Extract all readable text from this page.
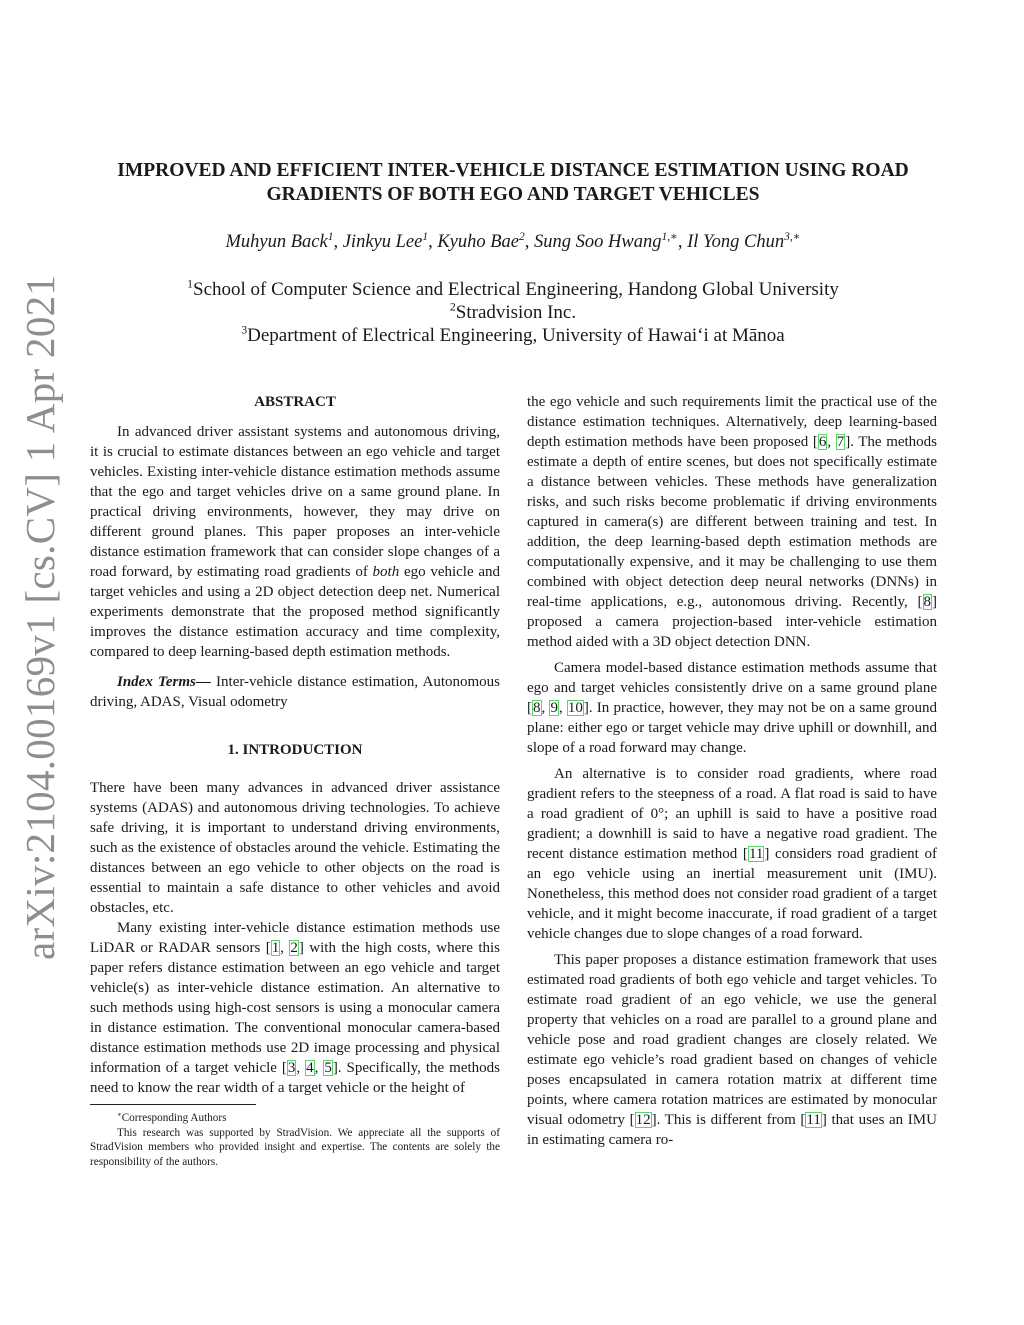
arXiv:2104.00169v1 [cs.CV] 1 Apr 2021
IMPROVED AND EFFICIENT INTER-VEHICLE DISTANCE ESTIMATION USING ROAD
GRADIENTS OF BOTH EGO AND TARGET VEHICLES
Muhyun Back$^1$, Jinkyu Lee$^1$, Kyuho Bae$^2$, Sung Soo Hwang$^{1,∗}$, Il Yong Chun$^{3,∗}$
$^1$School of Computer Science and Electrical Engineering, Handong Global University
$^2$Stradvision Inc.
$^3$Department of Electrical Engineering, University of Hawai‘i at Mānoa
ABSTRACT

In advanced driver assistant systems and autonomous driving, it is crucial to estimate distances between an ego vehicle and target vehicles. Existing inter-vehicle distance estimation methods assume that the ego and target vehicles drive on a same ground plane. In practical driving environments, however, they may drive on different ground planes. This paper proposes an inter-vehicle distance estimation framework that can consider slope changes of a road forward, by estimating road gradients of both ego vehicle and target vehicles and using a 2D object detection deep net. Numerical experiments demonstrate that the proposed method significantly improves the distance estimation accuracy and time complexity, compared to deep learning-based depth estimation methods.

Index Terms— Inter-vehicle distance estimation, Autonomous driving, ADAS, Visual odometry

1. INTRODUCTION

There have been many advances in advanced driver assistance systems (ADAS) and autonomous driving technologies. To achieve safe driving, it is important to understand driving environments, such as the existence of obstacles around the vehicle. Estimating the distances between an ego vehicle to other objects on the road is essential to maintain a safe distance to other vehicles and avoid obstacles, etc.

Many existing inter-vehicle distance estimation methods use LiDAR or RADAR sensors [1, 2] with the high costs, where this paper refers distance estimation between an ego vehicle and target vehicle(s) as inter-vehicle distance estimation. An alternative to such methods using high-cost sensors is using a monocular camera in distance estimation. The conventional monocular camera-based distance estimation methods use 2D image processing and physical information of a target vehicle [3, 4, 5]. Specifically, the methods need to know the rear width of a target vehicle or the height of

∗Corresponding Authors
This research was supported by StradVision. We appreciate all the supports of StradVision members who provided insight and expertise. The contents are solely the responsibility of the authors.

the ego vehicle and such requirements limit the practical use of the distance estimation techniques. Alternatively, deep learning-based depth estimation methods have been proposed [6, 7]. The methods estimate a depth of entire scenes, but does not specifically estimate a distance between vehicles. These methods have generalization risks, and such risks become problematic if driving environments captured in camera(s) are different between training and test. In addition, the deep learning-based depth estimation methods are computationally expensive, and it may be challenging to use them combined with object detection deep neural networks (DNNs) in real-time applications, e.g., autonomous driving. Recently, [8] proposed a camera projection-based inter-vehicle estimation method aided with a 3D object detection DNN.

Camera model-based distance estimation methods assume that ego and target vehicles consistently drive on a same ground plane [8, 9, 10]. In practice, however, they may not be on a same ground plane: either ego or target vehicle may drive uphill or downhill, and slope of a road forward may change.

An alternative is to consider road gradients, where road gradient refers to the steepness of a road. A flat road is said to have a road gradient of 0°; an uphill is said to have a positive road gradient; a downhill is said to have a negative road gradient. The recent distance estimation method [11] considers road gradient of an ego vehicle using an inertial measurement unit (IMU). Nonetheless, this method does not consider road gradient of a target vehicle, and it might become inaccurate, if road gradient of a target vehicle changes due to slope changes of a road forward.

This paper proposes a distance estimation framework that uses estimated road gradients of both ego vehicle and target vehicles. To estimate road gradient of an ego vehicle, we use the general property that vehicles on a road are parallel to a ground plane and vehicle pose and road gradient changes are closely related. We estimate ego vehicle’s road gradient based on changes of vehicle poses encapsulated in camera rotation matrix at different time points, where camera rotation matrices are estimated by monocular visual odometry [12]. This is different from [11] that uses an IMU in estimating camera ro-
